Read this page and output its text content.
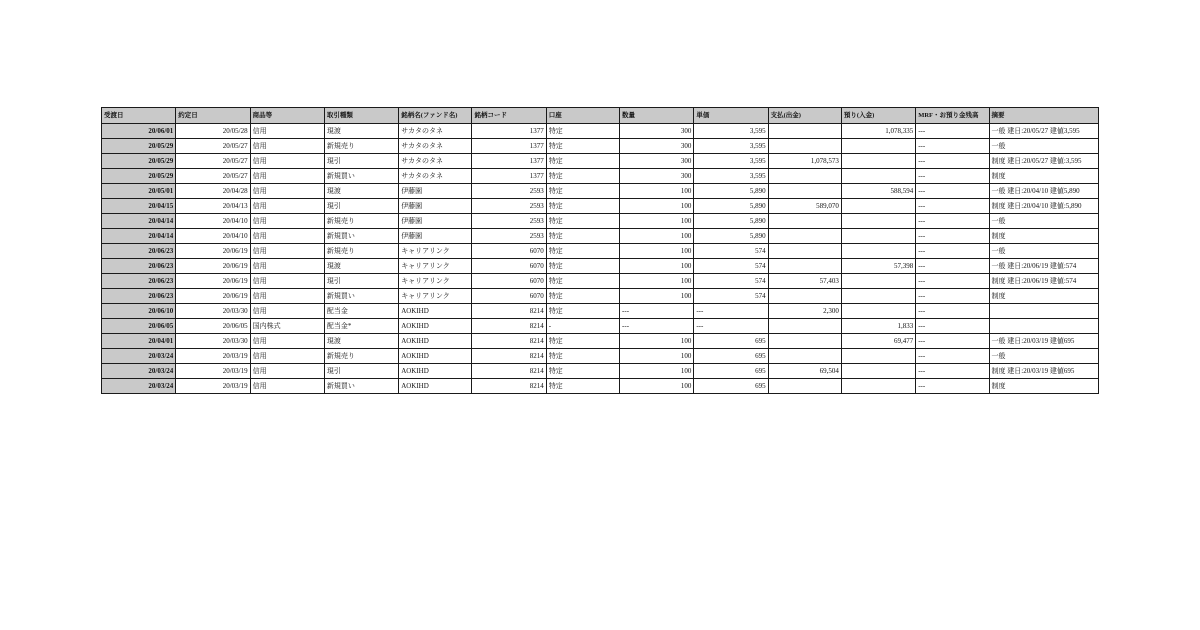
受渡日	約定日	商品等	取引種類	銘柄名(ファンド名)	銘柄コード	口座	数量	単価	支払(出金)	預り(入金)	MRF・お預り金残高	摘要
20/06/01	20/05/28	信用	現渡	サカタのタネ	1377	特定	300	3,595		1,078,335	---	一般 建日:20/05/27 建値3,595
20/05/29	20/05/27	信用	新規売り	サカタのタネ	1377	特定	300	3,595			---	一般
20/05/29	20/05/27	信用	現引	サカタのタネ	1377	特定	300	3,595	1,078,573		---	制度 建日:20/05/27 建値:3,595
20/05/29	20/05/27	信用	新規買い	サカタのタネ	1377	特定	300	3,595			---	制度
20/05/01	20/04/28	信用	現渡	伊藤園	2593	特定	100	5,890		588,594	---	一般 建日:20/04/10 建値5,890
20/04/15	20/04/13	信用	現引	伊藤園	2593	特定	100	5,890	589,070		---	制度 建日:20/04/10 建値:5,890
20/04/14	20/04/10	信用	新規売り	伊藤園	2593	特定	100	5,890			---	一般
20/04/14	20/04/10	信用	新規買い	伊藤園	2593	特定	100	5,890			---	制度
20/06/23	20/06/19	信用	新規売り	キャリアリンク	6070	特定	100	574			---	一般
20/06/23	20/06/19	信用	現渡	キャリアリンク	6070	特定	100	574		57,398	---	一般 建日:20/06/19 建値:574
20/06/23	20/06/19	信用	現引	キャリアリンク	6070	特定	100	574	57,403		---	制度 建日:20/06/19 建値:574
20/06/23	20/06/19	信用	新規買い	キャリアリンク	6070	特定	100	574			---	制度
20/06/10	20/03/30	信用	配当金	AOKIHD	8214	特定	---	---	2,300		---	
20/06/05	20/06/05	国内株式	配当金*	AOKIHD	8214	-	---	---		1,833	---	
20/04/01	20/03/30	信用	現渡	AOKIHD	8214	特定	100	695		69,477	---	一般 建日:20/03/19 建値695
20/03/24	20/03/19	信用	新規売り	AOKIHD	8214	特定	100	695			---	一般
20/03/24	20/03/19	信用	現引	AOKIHD	8214	特定	100	695	69,504		---	制度 建日:20/03/19 建値695
20/03/24	20/03/19	信用	新規買い	AOKIHD	8214	特定	100	695			---	制度
